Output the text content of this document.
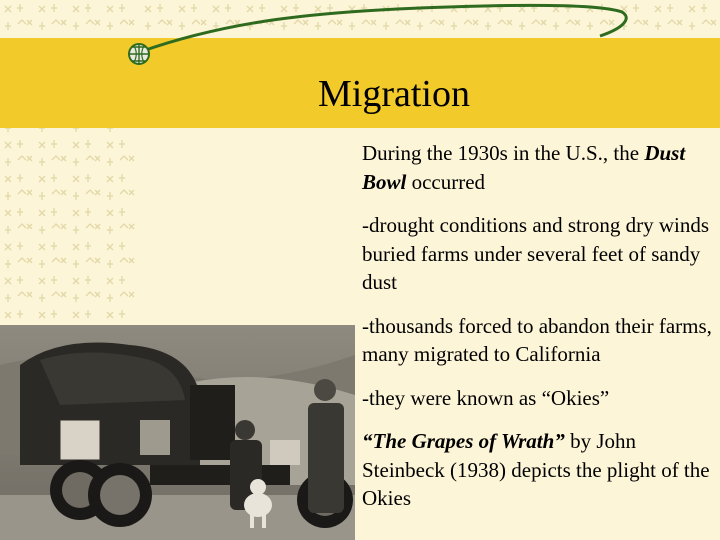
Migration

During the 1930s in the U.S., the Dust Bowl occurred

-drought conditions and strong dry winds buried farms under several feet of sandy dust

-thousands forced to abandon their farms, many migrated to California

-they were known as “Okies”

“The Grapes of Wrath” by John Steinbeck (1938) depicts the plight of the Okies
